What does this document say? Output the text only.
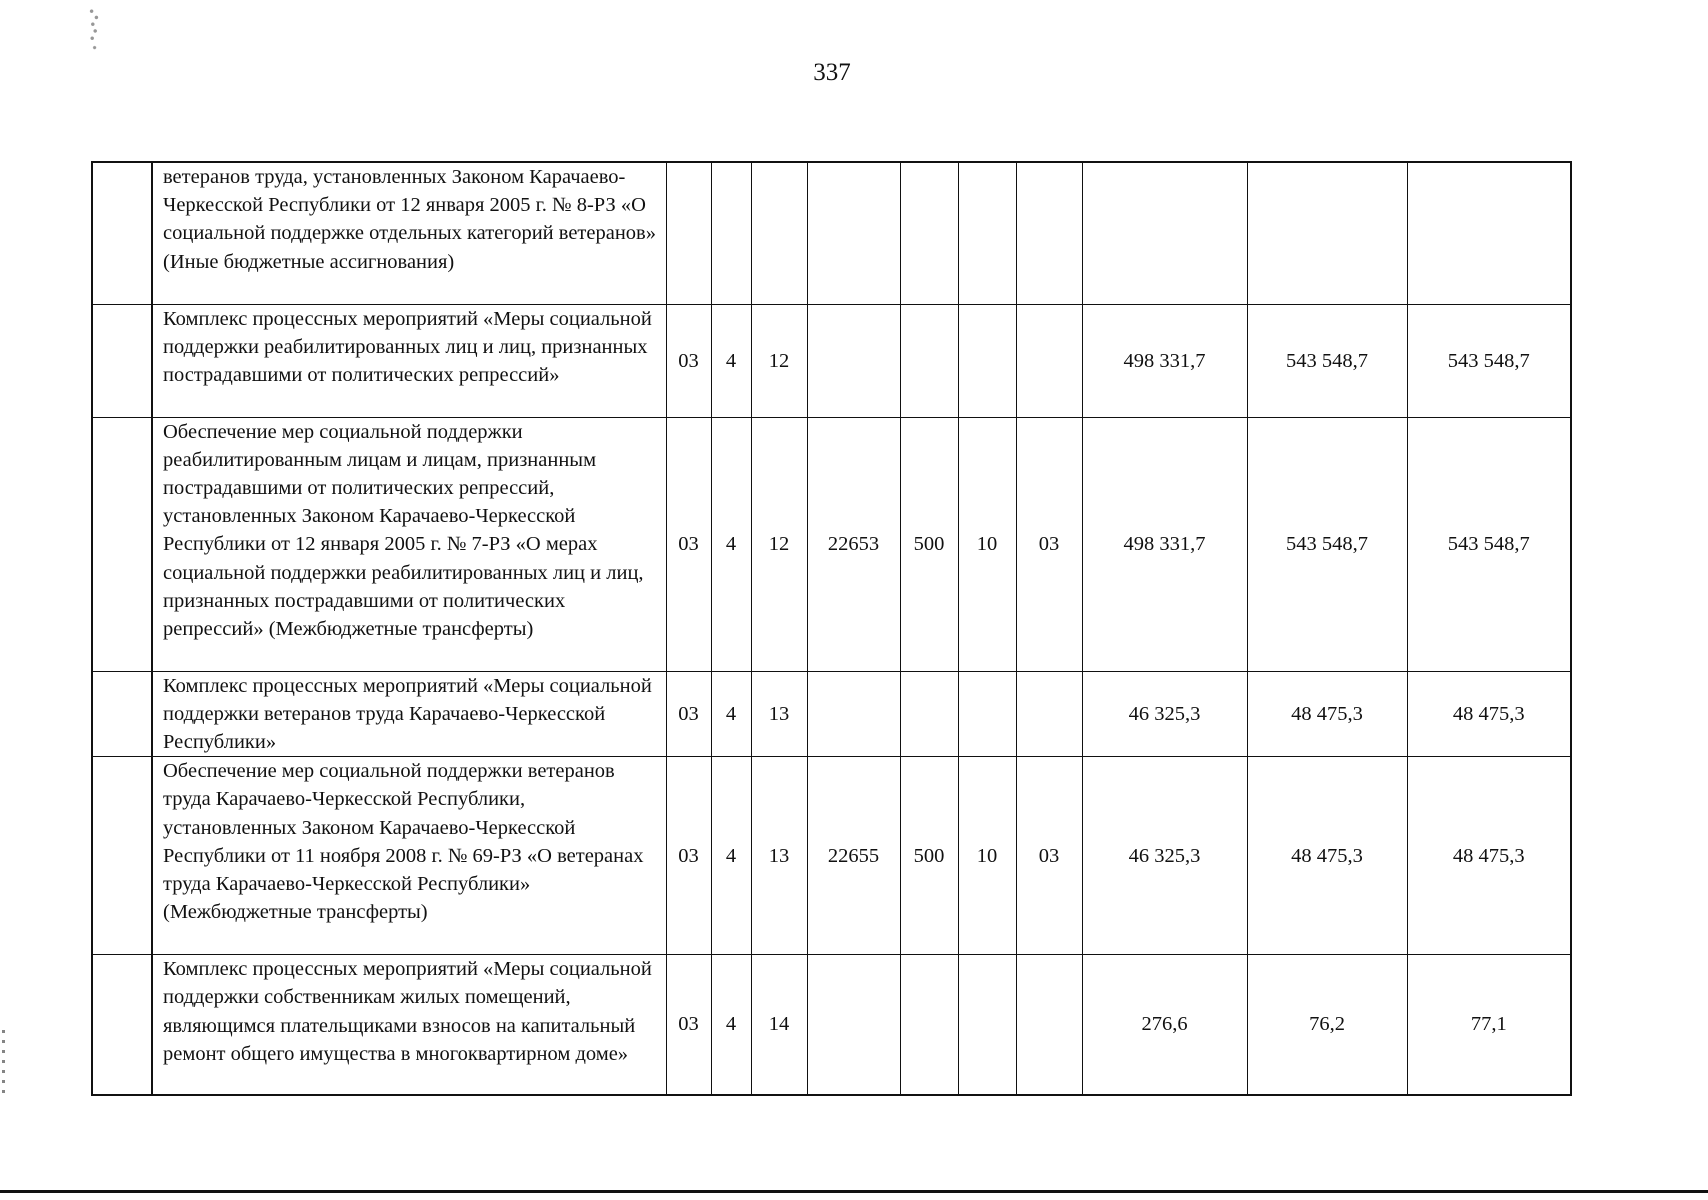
337
	ветеранов труда, установленных Законом Карачаево-Черкесской Республики от 12 января 2005 г. № 8-РЗ «О социальной поддержке отдельных категорий ветеранов» (Иные бюджетные ассигнования)										
	Комплекс процессных мероприятий «Меры социальной поддержки реабилитированных лиц и лиц, признанных пострадавшими от политических репрессий»	03	4	12					498 331,7	543 548,7	543 548,7
	Обеспечение мер социальной поддержки реабилитированным лицам и лицам, признанным пострадавшими от политических репрессий, установленных Законом Карачаево-Черкесской Республики от 12 января 2005 г. № 7-РЗ «О мерах социальной поддержки реабилитированных лиц и лиц, признанных пострадавшими от политических репрессий» (Межбюджетные трансферты)	03	4	12	22653	500	10	03	498 331,7	543 548,7	543 548,7
	Комплекс процессных мероприятий «Меры социальной поддержки ветеранов труда Карачаево-Черкесской Республики»	03	4	13					46 325,3	48 475,3	48 475,3
	Обеспечение мер социальной поддержки ветеранов труда Карачаево-Черкесской Республики, установленных Законом Карачаево-Черкесской Республики от 11 ноября 2008 г. № 69-РЗ «О ветеранах труда Карачаево-Черкесской Республики» (Межбюджетные трансферты)	03	4	13	22655	500	10	03	46 325,3	48 475,3	48 475,3
	Комплекс процессных мероприятий «Меры социальной поддержки собственникам жилых помещений, являющимся плательщиками взносов на капитальный ремонт общего имущества в многоквартирном доме»	03	4	14					276,6	76,2	77,1
